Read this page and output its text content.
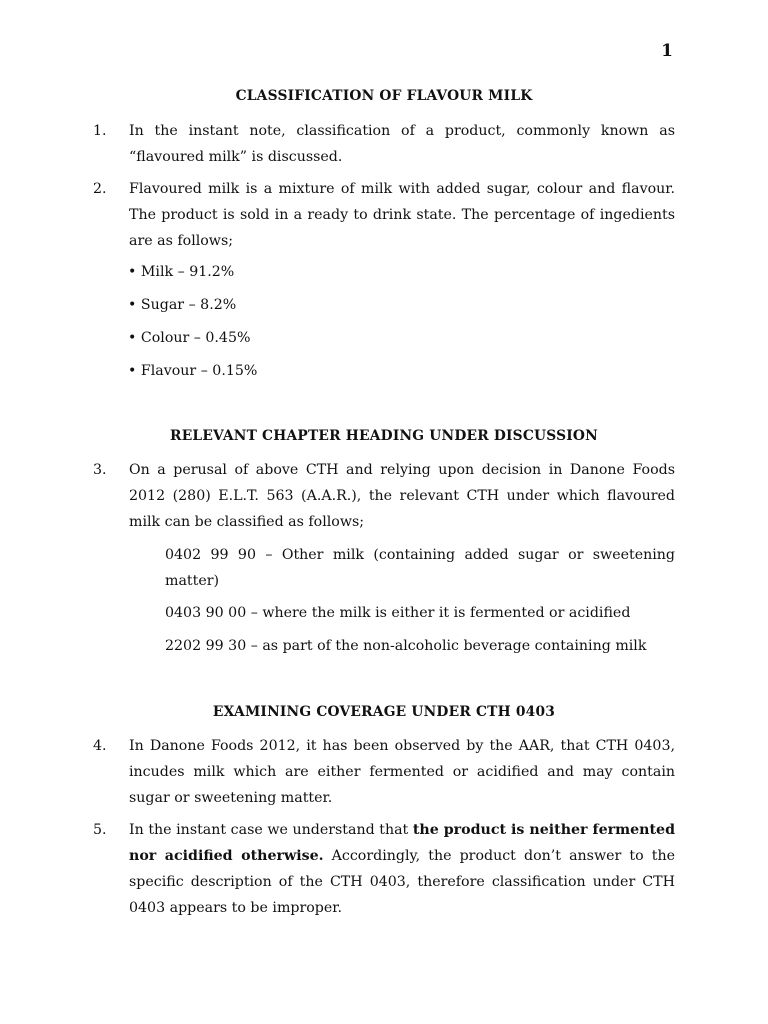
1
CLASSIFICATION OF FLAVOUR MILK
1. In the instant note, classification of a product, commonly known as “flavoured milk” is discussed.
2. Flavoured milk is a mixture of milk with added sugar, colour and flavour. The product is sold in a ready to drink state. The percentage of ingedients are as follows;
• Milk – 91.2%
• Sugar – 8.2%
• Colour – 0.45%
• Flavour – 0.15%
RELEVANT CHAPTER HEADING UNDER DISCUSSION
3. On a perusal of above CTH and relying upon decision in Danone Foods 2012 (280) E.L.T. 563 (A.A.R.), the relevant CTH under which flavoured milk can be classified as follows;
0402 99 90 – Other milk (containing added sugar or sweetening matter)
0403 90 00 – where the milk is either it is fermented or acidified
2202 99 30 – as part of the non-alcoholic beverage containing milk
EXAMINING COVERAGE UNDER CTH 0403
4. In Danone Foods 2012, it has been observed by the AAR, that CTH 0403, incudes milk which are either fermented or acidified and may contain sugar or sweetening matter.
5. In the instant case we understand that the product is neither fermented nor acidified otherwise. Accordingly, the product don’t answer to the specific description of the CTH 0403, therefore classification under CTH 0403 appears to be improper.
